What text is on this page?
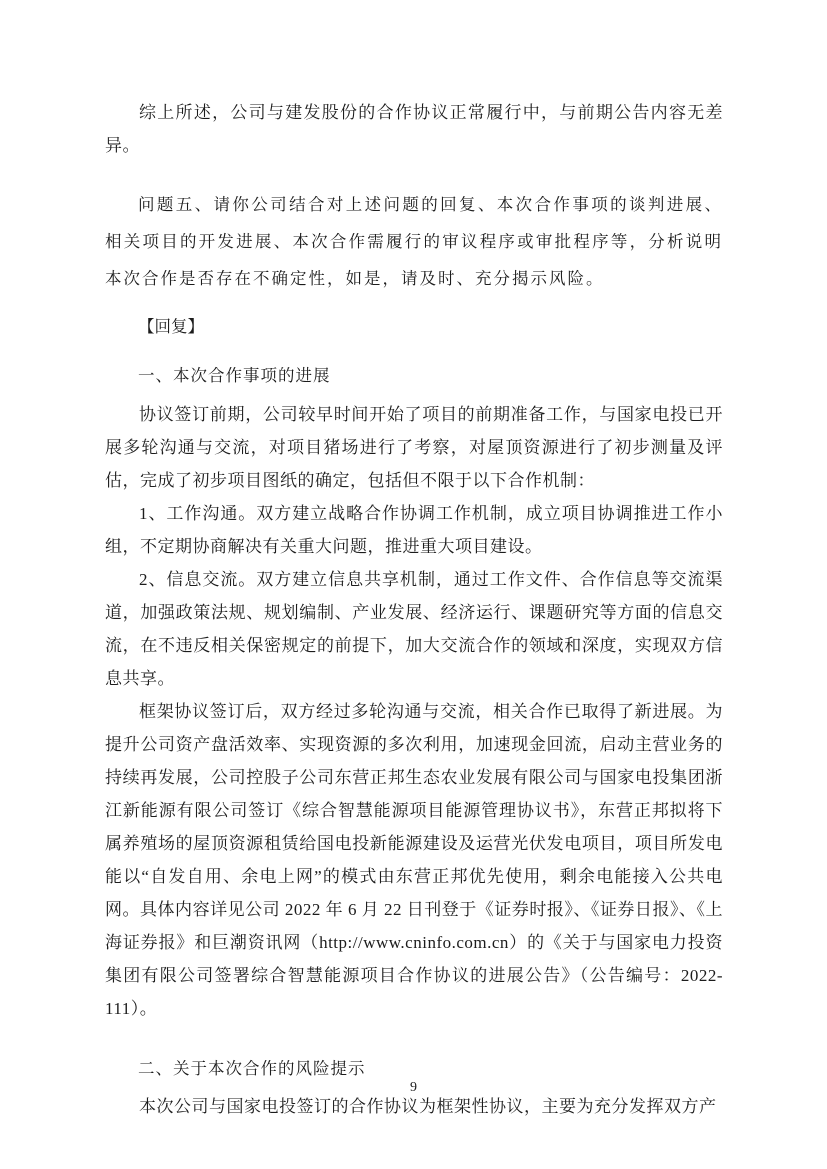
综上所述，公司与建发股份的合作协议正常履行中，与前期公告内容无差异。

问题五、请你公司结合对上述问题的回复、本次合作事项的谈判进展、相关项目的开发进展、本次合作需履行的审议程序或审批程序等，分析说明本次合作是否存在不确定性，如是，请及时、充分揭示风险。

【回复】

一、本次合作事项的进展

协议签订前期，公司较早时间开始了项目的前期准备工作，与国家电投已开展多轮沟通与交流，对项目猪场进行了考察，对屋顶资源进行了初步测量及评估，完成了初步项目图纸的确定，包括但不限于以下合作机制：

1、工作沟通。双方建立战略合作协调工作机制，成立项目协调推进工作小组，不定期协商解决有关重大问题，推进重大项目建设。

2、信息交流。双方建立信息共享机制，通过工作文件、合作信息等交流渠道，加强政策法规、规划编制、产业发展、经济运行、课题研究等方面的信息交流，在不违反相关保密规定的前提下，加大交流合作的领域和深度，实现双方信息共享。

框架协议签订后，双方经过多轮沟通与交流，相关合作已取得了新进展。为提升公司资产盘活效率、实现资源的多次利用，加速现金回流，启动主营业务的持续再发展，公司控股子公司东营正邦生态农业发展有限公司与国家电投集团浙江新能源有限公司签订《综合智慧能源项目能源管理协议书》，东营正邦拟将下属养殖场的屋顶资源租赁给国电投新能源建设及运营光伏发电项目，项目所发电能以“自发自用、余电上网”的模式由东营正邦优先使用，剩余电能接入公共电网。具体内容详见公司 2022 年 6 月 22 日刊登于《证券时报》、《证券日报》、《上海证券报》和巨潮资讯网（http://www.cninfo.com.cn）的《关于与国家电力投资集团有限公司签署综合智慧能源项目合作协议的进展公告》（公告编号：2022-111）。

二、关于本次合作的风险提示

本次公司与国家电投签订的合作协议为框架性协议，主要为充分发挥双方产

9
